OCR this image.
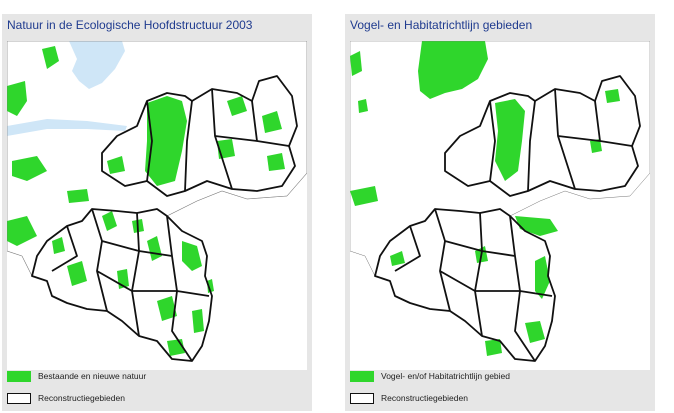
Natuur in de Ecologische Hoofdstructuur 2003
Bestaande en nieuwe natuur
Reconstructiegebieden
Vogel- en Habitatrichtlijn gebieden
Vogel- en/of Habitatrichtlijn gebied
Reconstructiegebieden
